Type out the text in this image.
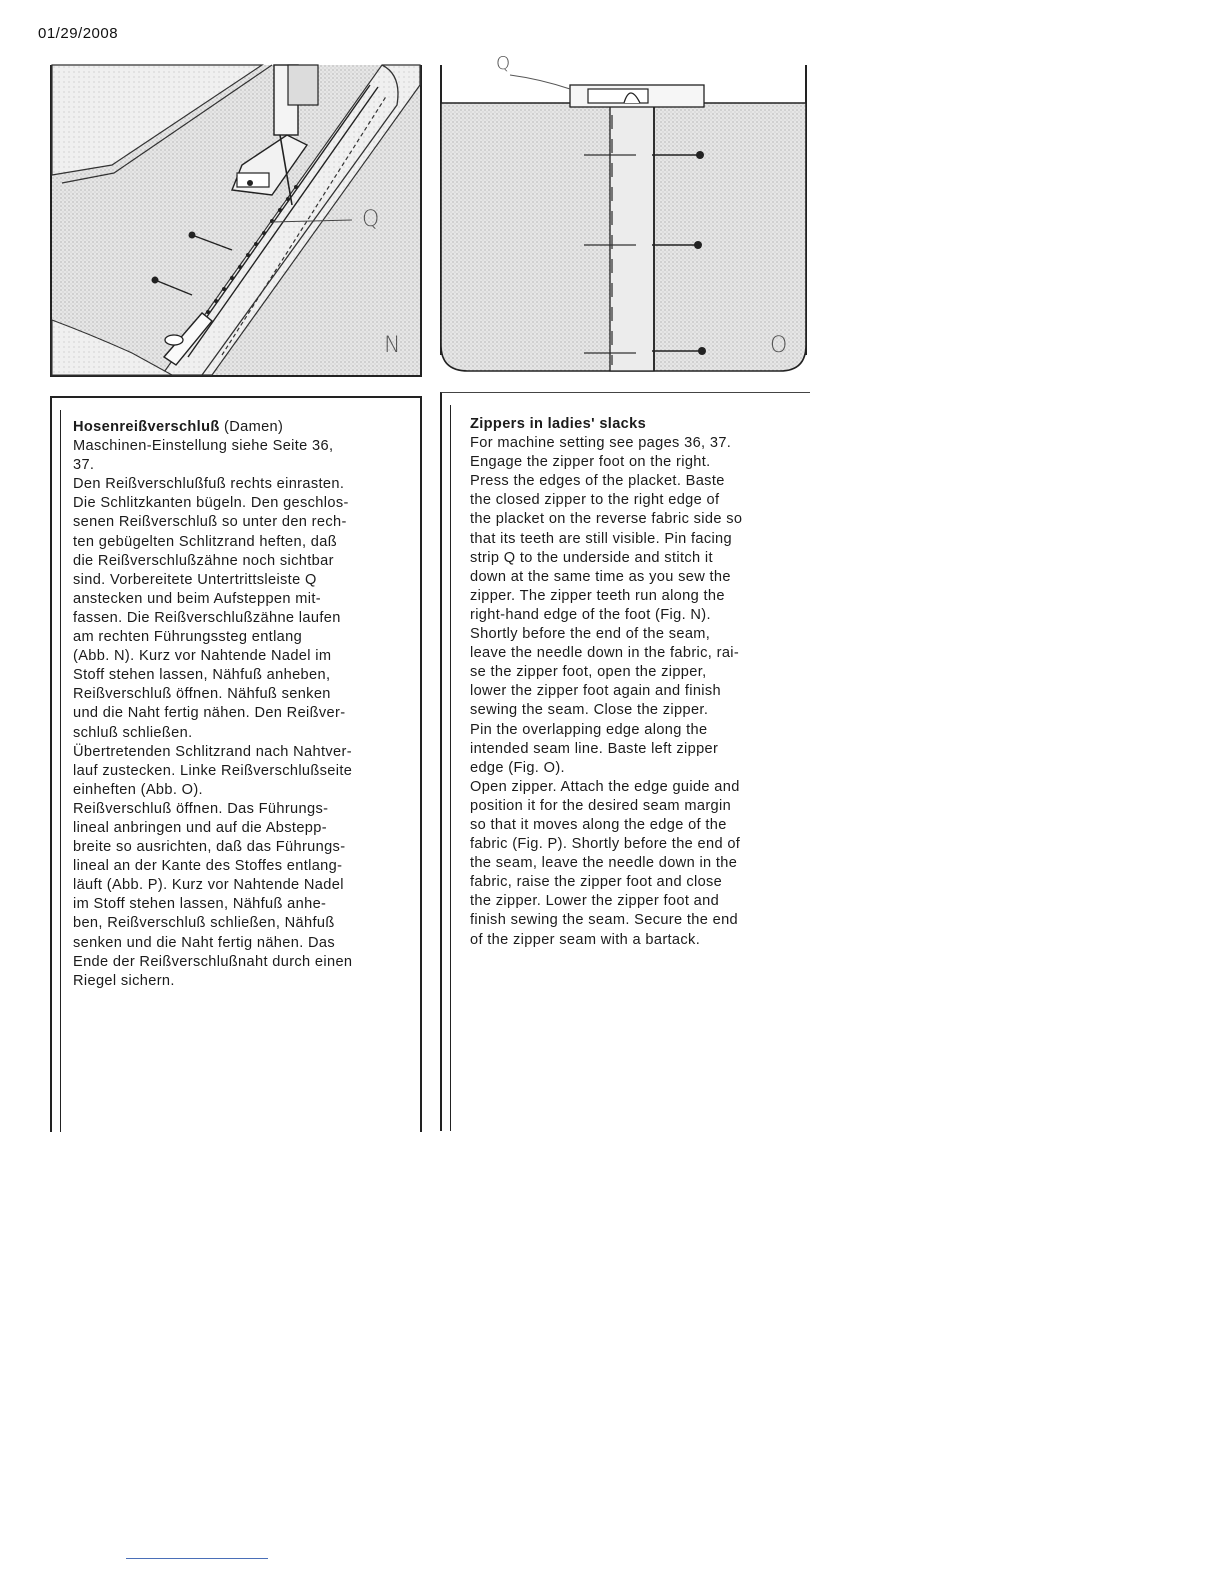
01/29/2008
Q
N
Q
O
Hosenreißverschluß (Damen)
Maschinen-Einstellung siehe Seite 36,
37.
Den Reißverschlußfuß rechts einrasten.
Die Schlitzkanten bügeln. Den geschlos-
senen Reißverschluß so unter den rech-
ten gebügelten Schlitzrand heften, daß
die Reißverschlußzähne noch sichtbar
sind. Vorbereitete Untertrittsleiste Q
anstecken und beim Aufsteppen mit-
fassen. Die Reißverschlußzähne laufen
am rechten Führungssteg entlang
(Abb. N). Kurz vor Nahtende Nadel im
Stoff stehen lassen, Nähfuß anheben,
Reißverschluß öffnen. Nähfuß senken
und die Naht fertig nähen. Den Reißver-
schluß schließen.
Übertretenden Schlitzrand nach Nahtver-
lauf zustecken. Linke Reißverschlußseite
einheften (Abb. O).
Reißverschluß öffnen. Das Führungs-
lineal anbringen und auf die Abstepp-
breite so ausrichten, daß das Führungs-
lineal an der Kante des Stoffes entlang-
läuft (Abb. P). Kurz vor Nahtende Nadel
im Stoff stehen lassen, Nähfuß anhe-
ben, Reißverschluß schließen, Nähfuß
senken und die Naht fertig nähen. Das
Ende der Reißverschlußnaht durch einen
Riegel sichern.
Zippers in ladies' slacks
For machine setting see pages 36, 37.
Engage the zipper foot on the right.
Press the edges of the placket. Baste
the closed zipper to the right edge of
the placket on the reverse fabric side so
that its teeth are still visible. Pin facing
strip Q to the underside and stitch it
down at the same time as you sew the
zipper. The zipper teeth run along the
right-hand edge of the foot (Fig. N).
Shortly before the end of the seam,
leave the needle down in the fabric, rai-
se the zipper foot, open the zipper,
lower the zipper foot again and finish
sewing the seam. Close the zipper.
Pin the overlapping edge along the
intended seam line. Baste left zipper
edge (Fig. O).
Open zipper. Attach the edge guide and
position it for the desired seam margin
so that it moves along the edge of the
fabric (Fig. P). Shortly before the end of
the seam, leave the needle down in the
fabric, raise the zipper foot and close
the zipper. Lower the zipper foot and
finish sewing the seam. Secure the end
of the zipper seam with a bartack.
